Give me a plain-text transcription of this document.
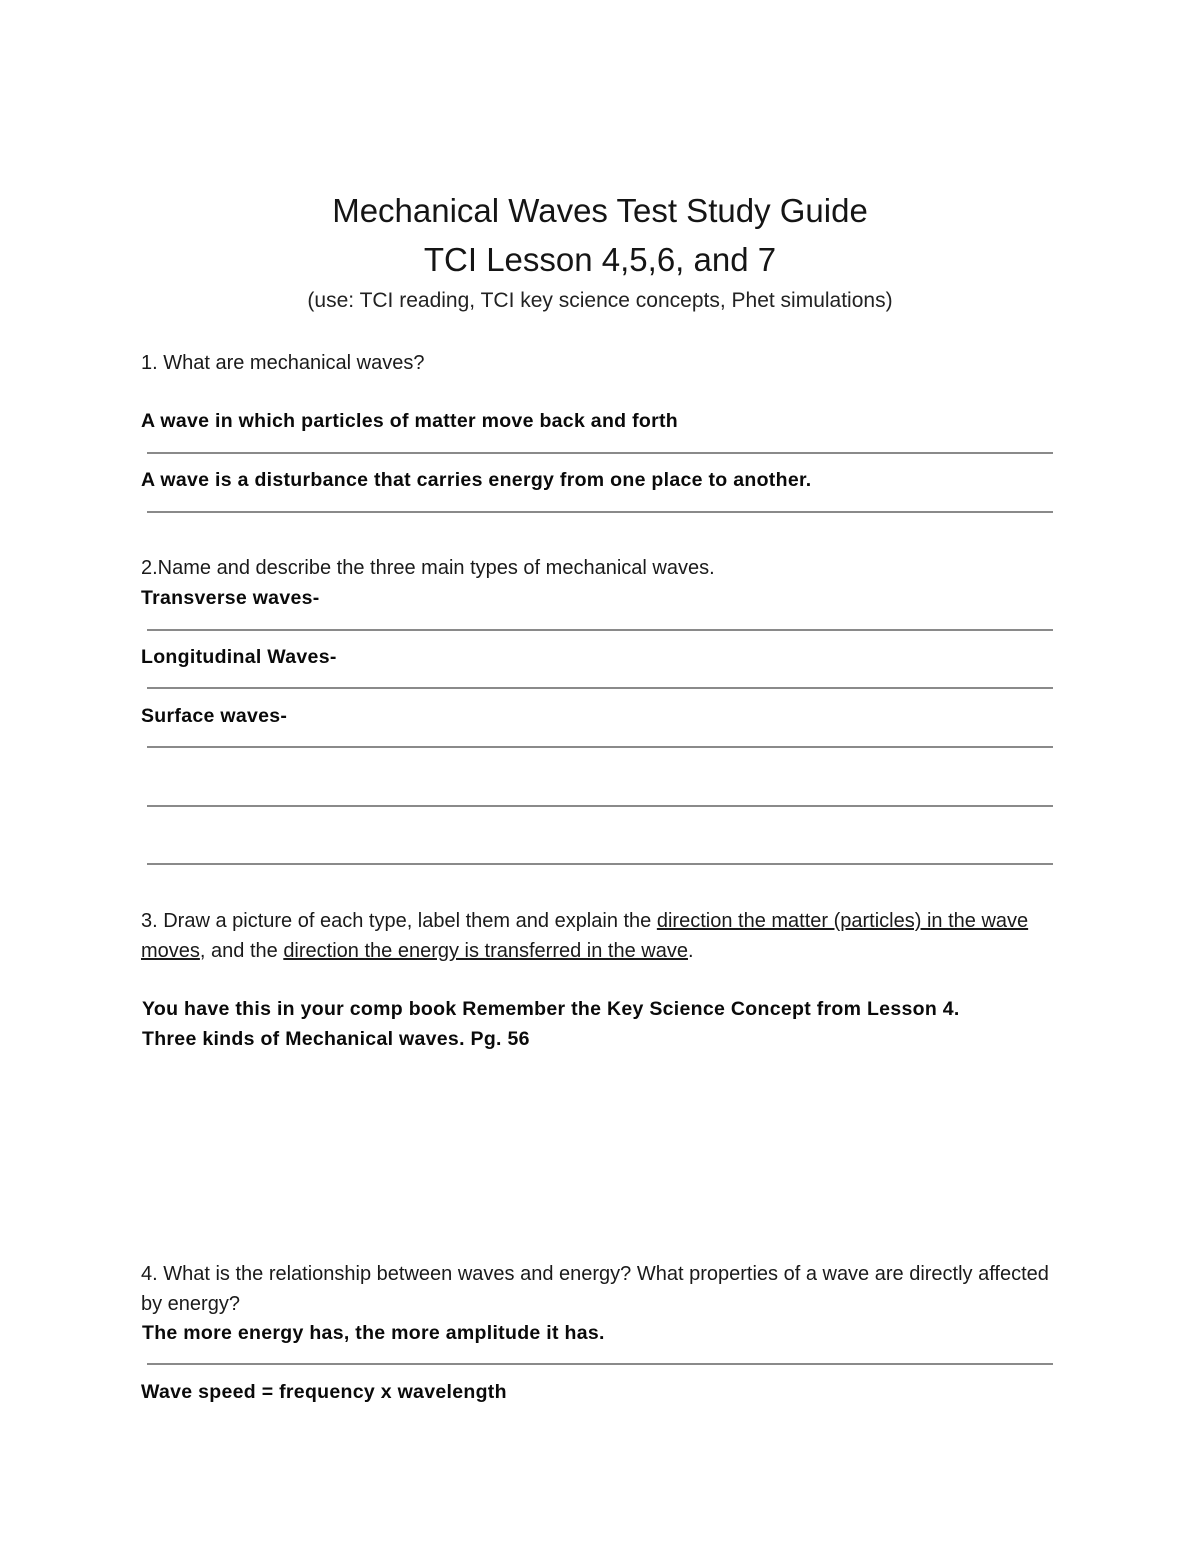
Mechanical Waves Test Study Guide
TCI Lesson 4,5,6, and 7
(use: TCI reading, TCI key science concepts, Phet simulations)
1. What are mechanical waves?
A wave in which particles of matter move back and forth
A wave is a disturbance that carries energy from one place to another.
2.Name and describe the three main types of mechanical waves.
Transverse waves-
Longitudinal Waves-
Surface waves-

3. Draw a picture of each type, label them and explain the direction the matter (particles) in the wave moves, and the direction the energy is transferred in the wave.

You have this in your comp book Remember the Key Science Concept from Lesson 4.
Three kinds of Mechanical waves. Pg. 56

4. What is the relationship between waves and energy? What properties of a wave are directly affected by energy?

The more energy has, the more amplitude it has.
Wave speed = frequency x wavelength
